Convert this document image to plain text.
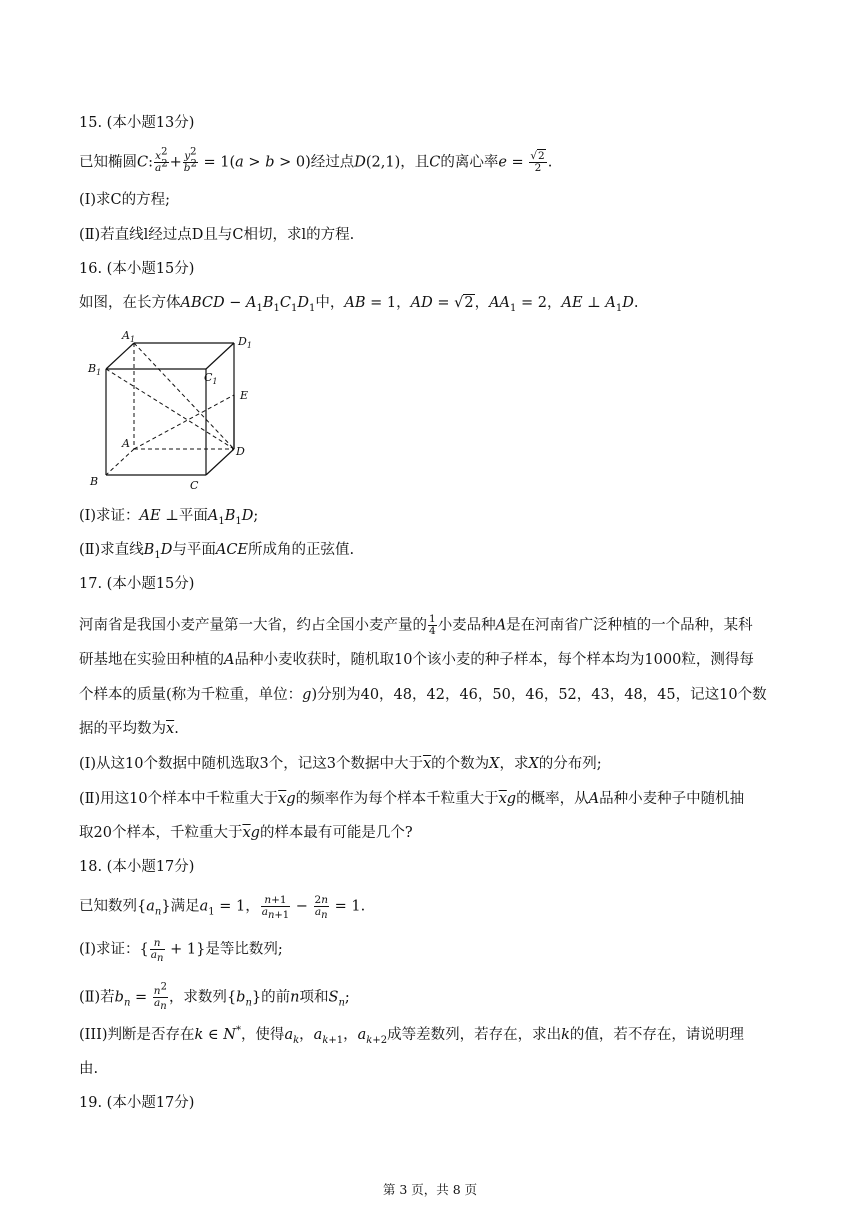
15. (本小题13分)
已知椭圆C: $\frac{x^2}{a^2} + \frac{y^2}{b^2} = 1(a > b > 0)$经过点D(2,1)，且C的离心率$e = \frac{√2}{2}$ .
(Ⅰ)求C的方程;
(Ⅱ)若直线l经过点D且与C相切，求l的方程.
16. (本小题15分)
如图，在长方体ABCD − $A_1B_1C_1D_1$中，AB = 1，AD = √2，$AA_1 = 2$，AE ⊥ $A_1D$.
$A_1$	$D_1$
$B_1$	$C_1$
E
A
D
B	C
(Ⅰ)求证：AE ⊥平面$A_1B_1D$;
(Ⅱ)求直线$B_1D$与平面ACE所成角的正弦值.
17. (本小题15分)
河南省是我国小麦产量第一大省，约占全国小麦产量的 $\frac{1}{4}$ 小麦品种A是在河南省广泛种植的一个品种，某科
研基地在实验田种植的A品种小麦收获时，随机取10个该小麦的种子样本，每个样本均为1000粒，测得每
个样本的质量(称为千粒重，单位：g)分别为40，48，42，46，50，46，52，43，48，45，记这10个数
据的平均数为$\overline{x}$.
(Ⅰ)从这10个数据中随机选取3个，记这3个数据中大于$\overline{x}$的个数为X，求X的分布列;
(Ⅱ)用这10个样本中千粒重大于$\overline{x}g$的频率作为每个样本千粒重大于$\overline{x}g$的概率，从A品种小麦种子中随机抽
取20个样本，千粒重大于$\overline{x}g$的样本最有可能是几个?
18. (本小题17分)
已知数列$\{a_n\}$满足$a_1 = 1$， $\frac{n+1}{a_{n+1}} - \frac{2n}{a_n} = 1$.
(Ⅰ)求证：{ $\frac{n}{a_n} + 1$}是等比数列;
(Ⅱ)若$b_n = \frac{n^2}{a_n}$ ，求数列$\{b_n\}$的前n项和$S_n$;
(III)判断是否存在k ∈ N*，使得$a_k$，$a_{k+1}$，$a_{k+2}$成等差数列，若存在，求出k的值，若不存在，请说明理
由.
19. (本小题17分)
第 3 页，共 8 页
